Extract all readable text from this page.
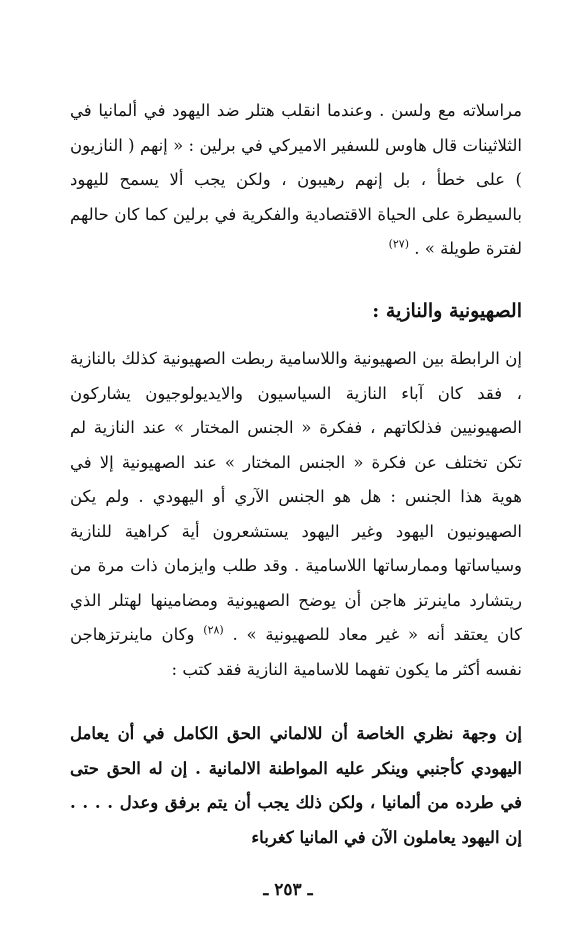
مراسلاته مع ولسن . وعندما انقلب هتلر ضد اليهود في ألمانيا في الثلاثينات قال هاوس للسفير الاميركي في برلين : « إنهم ( النازيون ) على خطأ ، بل إنهم رهيبون ، ولكن يجب ألا يسمح لليهود بالسيطرة على الحياة الاقتصادية والفكرية في برلين كما كان حالهم لفترة طويلة » . $^{(٢٧)}$

الصهيونية والنازية :

إن الرابطة بين الصهيونية واللاسامية ربطت الصهيونية كذلك بالنازية ، فقد كان آباء النازية السياسيون والايديولوجيون يشاركون الصهيونيين فذلكاتهم ، ففكرة « الجنس المختار » عند النازية لم تكن تختلف عن فكرة « الجنس المختار » عند الصهيونية إلا في هوية هذا الجنس : هل هو الجنس الآري أو اليهودي . ولم يكن الصهيونيون اليهود وغير اليهود يستشعرون أية كراهية للنازية وسياساتها وممارساتها اللاسامية . وقد طلب وايزمان ذات مرة من ريتشارد ماينرتز هاجن أن يوضح الصهيونية ومضامينها لهتلر الذي كان يعتقد أنه « غير معاد للصهيونية » . $^{(٢٨)}$ وكان ماينرتزهاجن نفسه أكثر ما يكون تفهما للاسامية النازية فقد كتب :

إن وجهة نظري الخاصة أن للالماني الحق الكامل في أن يعامل اليهودي كأجنبي وينكر عليه المواطنة الالمانية . إن له الحق حتى في طرده من ألمانيا ، ولكن ذلك يجب أن يتم برفق وعدل . . . . إن اليهود يعاملون الآن في المانيا كغرباء

ـ ٢٥٣ ـ
